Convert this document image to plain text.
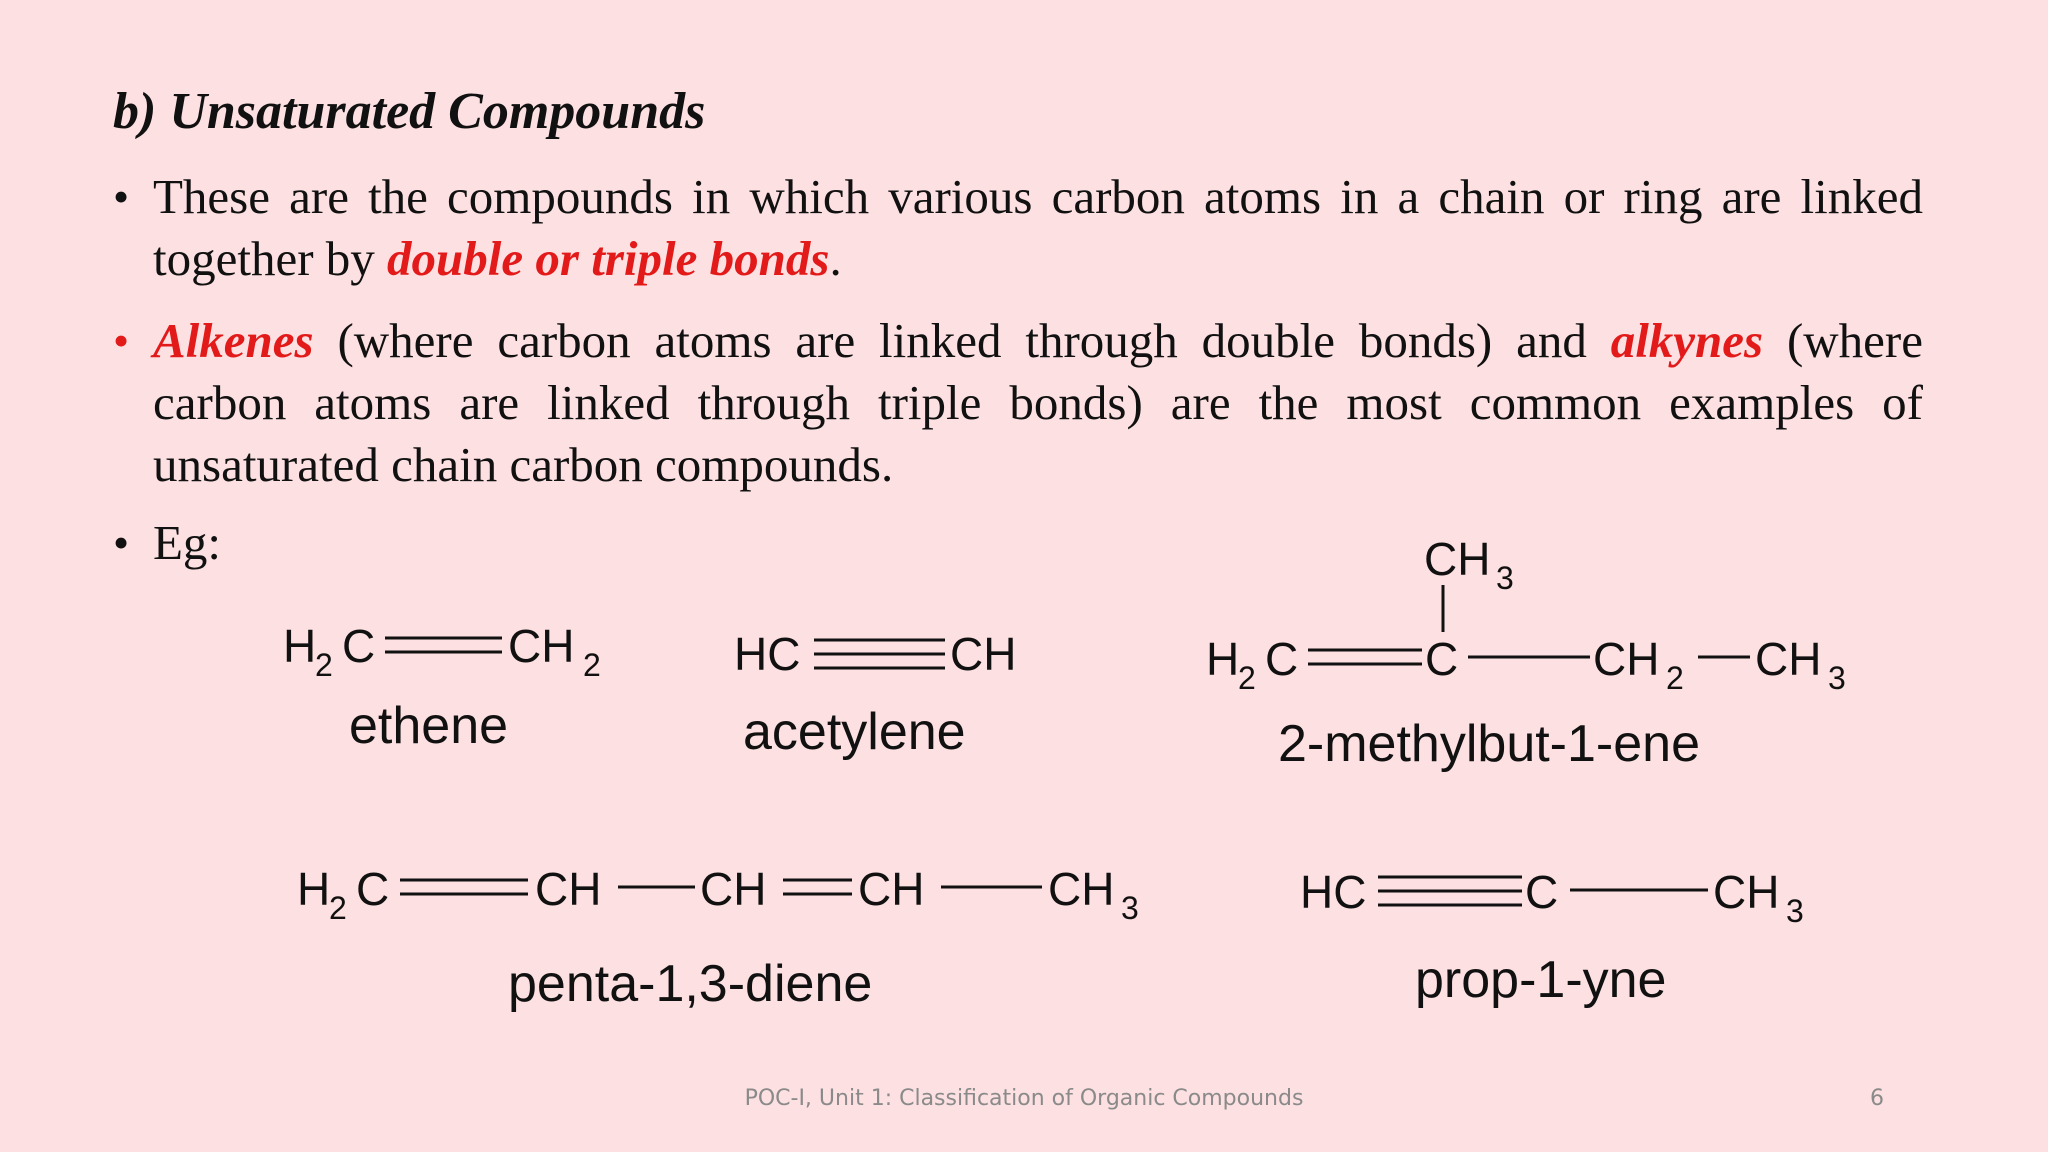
b) Unsaturated Compounds
• These are the compounds in which various carbon atoms in a chain or ring are linked together by double or triple bonds.
• Alkenes (where carbon atoms are linked through double bonds) and alkynes (where carbon atoms are linked through triple bonds) are the most common examples of unsaturated chain carbon compounds.
• Eg:
H
2 C	CH 2	HC	CH	H
2 C	C
CH 3
CH 2 CH 3
H
2 C	CH CH CH	CH 3	HC	C	CH 3
ethene	acetylene	2-methylbut-1-ene
penta-1,3-diene	prop-1-yne
POC-I, Unit 1: Classification of Organic Compounds	6
